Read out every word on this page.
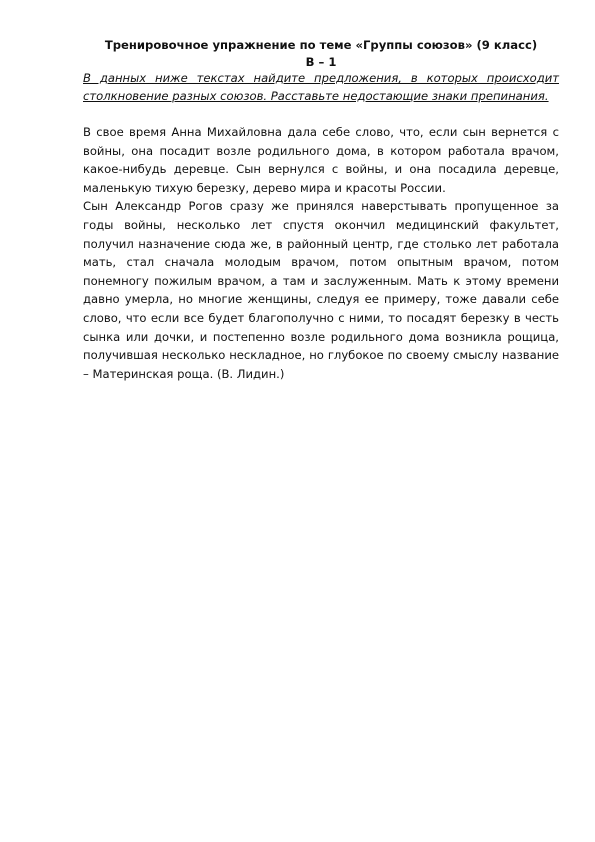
Тренировочное упражнение по теме «Группы союзов» (9 класс)

В – 1

В данных ниже текстах найдите предложения, в которых происходит столкновение разных союзов. Расставьте недостающие знаки препинания.

В свое время Анна Михайловна дала себе слово, что, если сын вернется с войны, она посадит возле родильного дома, в котором работала врачом, какое-нибудь деревце. Сын вернулся с войны, и она посадила деревце, маленькую тихую березку, дерево мира и красоты России.

Сын Александр Рогов сразу же принялся наверстывать пропущенное за годы войны, несколько лет спустя окончил медицинский факультет, получил назначение сюда же, в районный центр, где столько лет работала мать, стал сначала молодым врачом, потом опытным врачом, потом понемногу пожилым врачом, а там и заслуженным. Мать к этому времени давно умерла, но многие женщины, следуя ее примеру, тоже давали себе слово, что если все будет благополучно с ними, то посадят березку в честь сынка или дочки, и постепенно возле родильного дома возникла рощица, получившая несколько нескладное, но глубокое по своему смыслу название – Материнская роща. (В. Лидин.)
